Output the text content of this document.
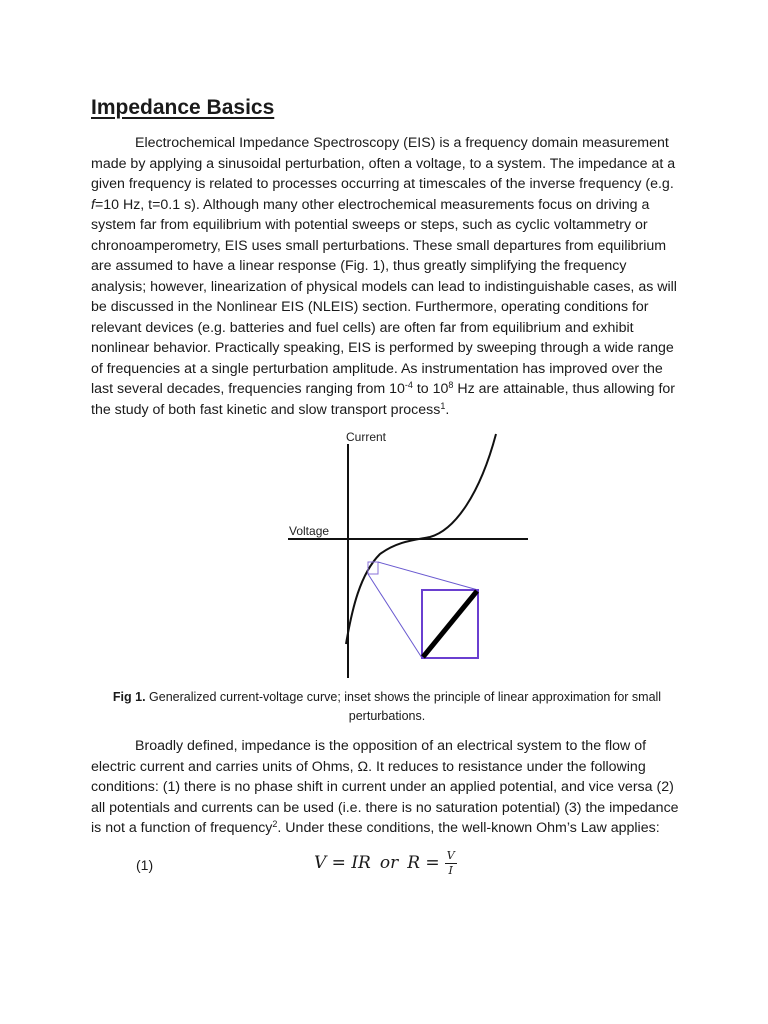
Impedance Basics

Electrochemical Impedance Spectroscopy (EIS) is a frequency domain measurement made by applying a sinusoidal perturbation, often a voltage, to a system. The impedance at a given frequency is related to processes occurring at timescales of the inverse frequency (e.g. f=10 Hz, t=0.1 s). Although many other electrochemical measurements focus on driving a system far from equilibrium with potential sweeps or steps, such as cyclic voltammetry or chronoamperometry, EIS uses small perturbations. These small departures from equilibrium are assumed to have a linear response (Fig. 1), thus greatly simplifying the frequency analysis; however, linearization of physical models can lead to indistinguishable cases, as will be discussed in the Nonlinear EIS (NLEIS) section. Furthermore, operating conditions for relevant devices (e.g. batteries and fuel cells) are often far from equilibrium and exhibit nonlinear behavior. Practically speaking, EIS is performed by sweeping through a wide range of frequencies at a single perturbation amplitude. As instrumentation has improved over the last several decades, frequencies ranging from $10^{-4}$ to $10^8$ Hz are attainable, thus allowing for the study of both fast kinetic and slow transport process$^1$.

Current
Voltage

Fig 1. Generalized current-voltage curve; inset shows the principle of linear approximation for small perturbations.

Broadly defined, impedance is the opposition of an electrical system to the flow of electric current and carries units of Ohms, Ω. It reduces to resistance under the following conditions: (1) there is no phase shift in current under an applied potential, and vice versa (2) all potentials and currents can be used (i.e. there is no saturation potential) (3) the impedance is not a function of frequency$^2$. Under these conditions, the well-known Ohm’s Law applies:

(1)	V = IR or $R = \frac{V}{I}$
